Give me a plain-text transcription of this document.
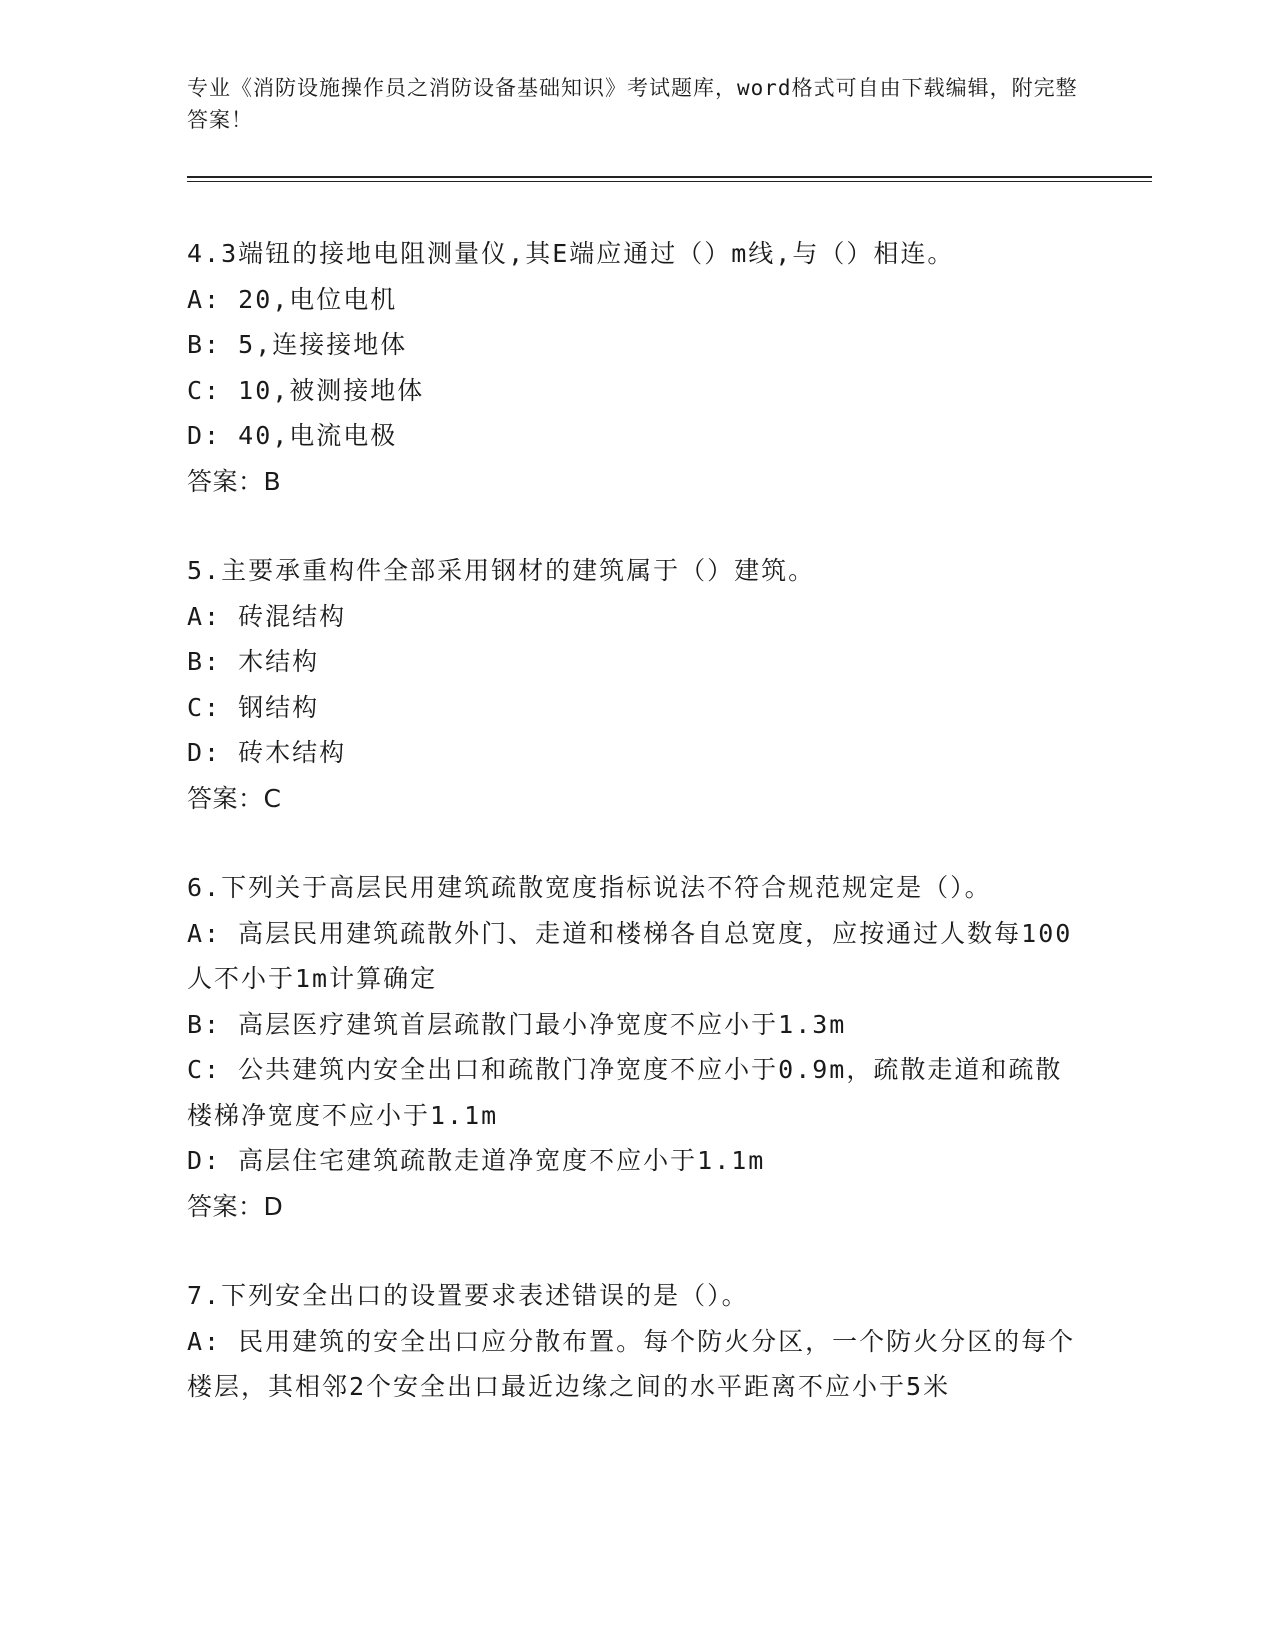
专业《消防设施操作员之消防设备基础知识》考试题库，word格式可自由下载编辑，附完整答案！
4.3端钮的接地电阻测量仪,其E端应通过（）m线,与（）相连。
A: 20,电位电机
B: 5,连接接地体
C: 10,被测接地体
D: 40,电流电极
答案：B
5.主要承重构件全部采用钢材的建筑属于（）建筑。
A: 砖混结构
B: 木结构
C: 钢结构
D: 砖木结构
答案：C
6.下列关于高层民用建筑疏散宽度指标说法不符合规范规定是（）。
A: 高层民用建筑疏散外门、走道和楼梯各自总宽度，应按通过人数每100人不小于1m计算确定
B: 高层医疗建筑首层疏散门最小净宽度不应小于1.3m
C: 公共建筑内安全出口和疏散门净宽度不应小于0.9m，疏散走道和疏散楼梯净宽度不应小于1.1m
D: 高层住宅建筑疏散走道净宽度不应小于1.1m
答案：D
7.下列安全出口的设置要求表述错误的是（）。
A: 民用建筑的安全出口应分散布置。每个防火分区，一个防火分区的每个楼层，其相邻2个安全出口最近边缘之间的水平距离不应小于5米
